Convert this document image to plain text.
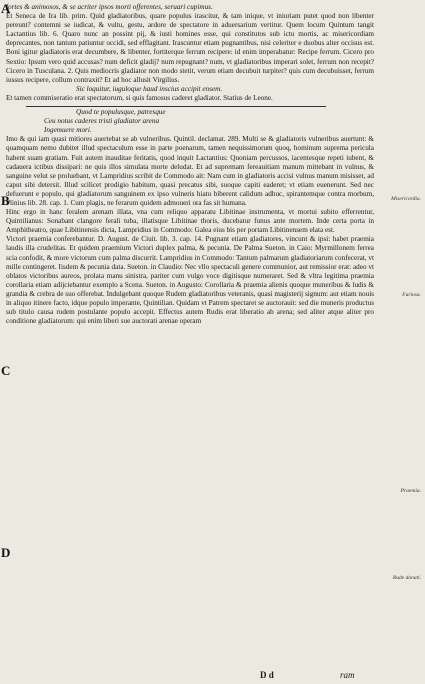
fortes & animosos, & se acriter ipsos morti offerentes, seruari cupimus.

Et Seneca de Ira lib. prim. Quid gladiatoribus, quare populus irascitur, & tam inique, vt iniuriam putet quod non libenter pereunt? contemni se iudicat, & vultu, gestu, ardore de spectatore in aduersarium vertitur. Quem locum Quintum tangit Lactantius lib. 6. Quaro nunc an possint pij, & iusti homines esse, qui constitutos sub ictu mortis, ac misericordiam deprecantes, non tantum patiuntur occidi, sed efflagitant. Irascuntur etiam pugnantibus, nisi celeriter e duobus alter occisus est. Boni igitur gladiatoris erat decumbere, & libenter, fortiterque ferrum recipere: id enim imperabatur: Recipe ferrum. Cicero pro Sextio: Ipsum vero quid accusas? num deficit gladij? num repugnant? num, vt gladiatoribus imperari solet, ferrum non recepit? Cicero in Tusculana. 2. Quis mediocris gladiator non modo stetit, verum etiam decubuit turpiter? quis cum decubuisset, ferrum iussus recipere, collum contraxit? Et ad hoc allusit Virgilius.

Sic loquitur, iuguloque haud inscius accipit ensem.

Et tamen commiseratio erat spectatorum, si quis famosus caderet gladiator. Statius de Leone.

Quod te populusque, patresque

Ceu notus caderes tristi gladiator arena

Ingemuere mori.

Imo & qui iam quasi mitiores auertebat se ab vulneribus. Quintil. declamat. 289. Multi se & gladiatoris vulneribus auertunt: & quamquam nemo dubitet illud spectaculum esse in parte poenarum, tamen nequissimorum quoq, hominum suprema pericula habent suam gratiam. Fuit autem inauditae feritatis, quod inquit Lactantius: Quoniam percussos, iacentesque repeti iubent, & cadauera ictibus dissipari: ne quis illos simulata morte deludat. Et ad supremam fereauitiam manum mittebant in vulnus, & sanguine velut se proluebant, vt Lampridius scribit de Commodo ait: Nam cum in gladiatoris accisi vulnus manum misisset, ad caput sibi detersit. Illud scilicet prodigio habitum, quasi precatus sibi, suoque capiti eaderet; vt etiam euenerunt. Sed nec defuerunt e populo, qui gladiatorum sanguinem ex ipso vulneris hiatu biberent calidum adhuc, spirantemque contra morbum, Plinius lib. 28. cap. 1. Cum plagis, ne ferarum quidem admoueri ora fas sit humana.

Hinc ergo in hanc feralem arenam illata, vna cum reliquo apparatu Libitinae instrumenta, vt mortui subito efferrentur, Quintilianus: Sonabant clangore ferali tuba, illatisque Libitinae thoris, ducebatur funus ante mortem. Inde certa porta in Amphitheatro, quae Libitinensis dicta, Lampridius in Commodo: Galea eius bis per portam Libitinensem elata est.

Victori praemia conferebantur. D. August. de Ciuit. lib. 3. cap. 14. Pugnant etiam gladiatores, vincunt & ipsi: habet praemia laudis illa crudelitas. Et quidem praemium Victori duplex palma, & pecunia. De Palma Sueton. in Caio: Myrmillonem ferrea scia confodit, & more victorum cum palma discurrit. Lampridius in Commodo: Tantum palmarum gladiatoriarum confecerat, vt mille contingeret. Iisdem & pecunia data. Sueton. in Claudio: Nec vllo spectaculi genere communior, aut remissior erat: adeo vt oblatos victoribus aureos, prolata manu sinistra, pariter cum vulgo voce digitisque numeraret. Sed & vltra legitima praemia corollaria etiam adijciebantur exemplo a Scena. Sueton. in Augusto: Corollaria & praemia alienis quoque muneribus & ludis & grandia & crebra de suo offerebat. Indulgebant quoque Rudem gladiatoribus veteranis, quasi magisterij signum: aut etiam nouis in aliquo itinere facto, idque populo imperante, Quintilian. Quidam vt Patrem spectaret se auctorauit: sed die muneris productus sub titulo causa rudem postulante populo accepit. Effectus autem Rudis erat liberatio ab arena; sed aliter atque aliter pro conditione gladiatorum: qui enim liberi sue auctorati arenae operam

A
B
C
D
Misericordia.
Furiosa.
Praemia.
Rude donati.
D d	ram
